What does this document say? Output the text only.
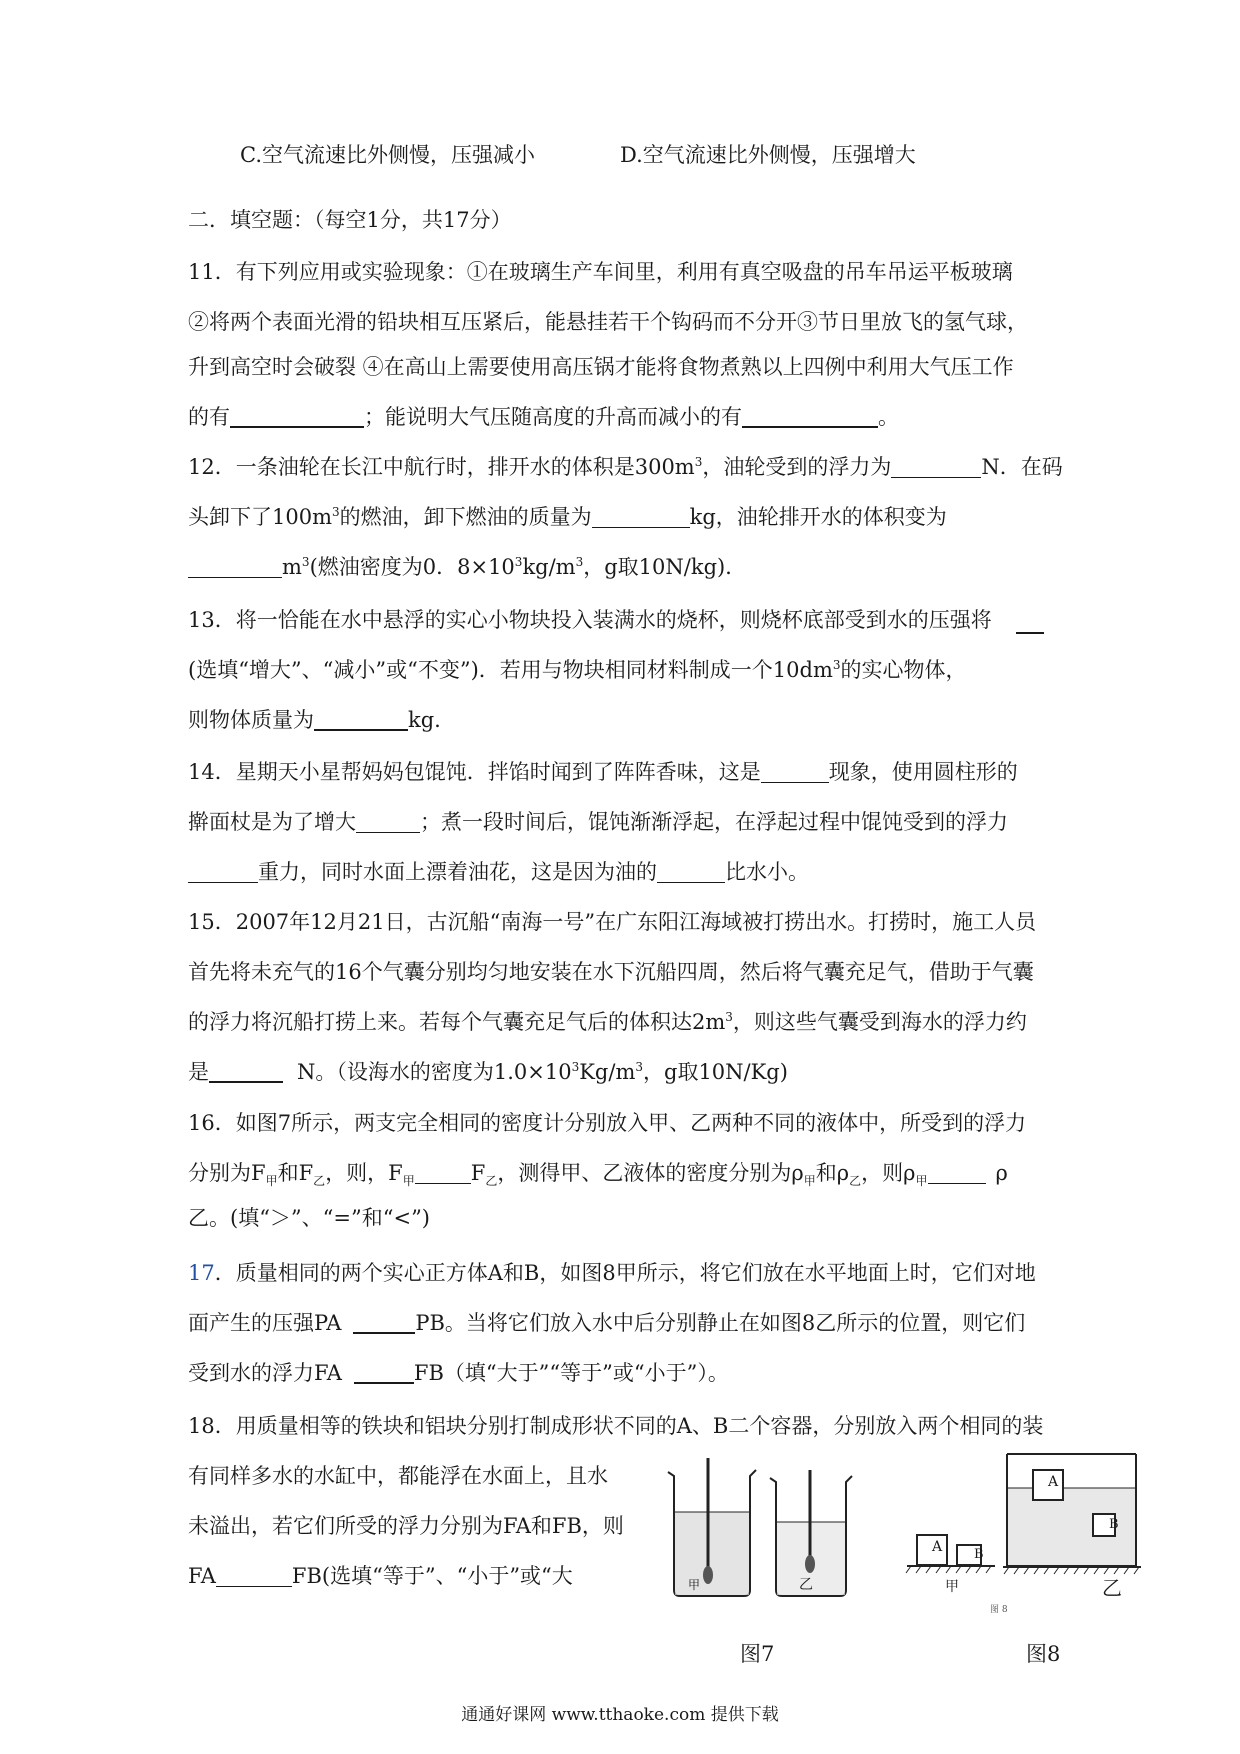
C.空气流速比外侧慢，压强减小	D.空气流速比外侧慢，压强增大
二．填空题：（每空1分，共17分）
11．有下列应用或实验现象：①在玻璃生产车间里，利用有真空吸盘的吊车吊运平板玻璃
②将两个表面光滑的铅块相互压紧后，能悬挂若干个钩码而不分开③节日里放飞的氢气球，
升到高空时会破裂 ④在高山上需要使用高压锅才能将食物煮熟以上四例中利用大气压工作
的有	；能说明大气压随高度的升高而减小的有	。
12．一条油轮在长江中航行时，排开水的体积是$300m^3$，油轮受到的浮力为	N．在码
头卸下了$100m^3$的燃油，卸下燃油的质量为	kg，油轮排开水的体积变为
$m^3$(燃油密度为0．$8\times 10^3kg/m^3$，g取10N/kg)．
13．将一恰能在水中悬浮的实心小物块投入装满水的烧杯，则烧杯底部受到水的压强将
(选填“增大”、“减小”或“不变”)．若用与物块相同材料制成一个$10dm^3$的实心物体，
则物体质量为	kg.
14．星期天小星帮妈妈包馄饨．拌馅时闻到了阵阵香味，这是	现象，使用圆柱形的
擀面杖是为了增大	；煮一段时间后，馄饨渐渐浮起，在浮起过程中馄饨受到的浮力
重力，同时水面上漂着油花，这是因为油的	比水小。
15．2007年12月21日，古沉船“南海一号”在广东阳江海域被打捞出水。打捞时，施工人员
首先将未充气的16个气囊分别均匀地安装在水下沉船四周，然后将气囊充足气，借助于气囊
的浮力将沉船打捞上来。若每个气囊充足气后的体积达$2m^3$，则这些气囊受到海水的浮力约
是	N。（设海水的密度为$1.0\times 10^3Kg/m^3$，g取10N/Kg)
16．如图7所示，两支完全相同的密度计分别放入甲、乙两种不同的液体中，所受到的浮力
分别为$F_甲$和$F_乙$，则，$F_甲$	$F_乙$，测得甲、乙液体的密度分别为$\rho_甲$和$\rho_乙$，则$\rho_甲$	ρ
乙。(填“＞”、“=”和“<”)
17．质量相同的两个实心正方体A和B，如图8甲所示，将它们放在水平地面上时，它们对地
面产生的压强PA	PB。当将它们放入水中后分别静止在如图8乙所示的位置，则它们
受到水的浮力FA	FB（填“大于”“等于”或“小于”）。
18．用质量相等的铁块和铝块分别打制成形状不同的A、B二个容器，分别放入两个相同的装
有同样多水的水缸中，都能浮在水面上，且水
未溢出，若它们所受的浮力分别为FA和FB，则
FA	FB(选填“等于”、“小于”或“大	甲	乙
图7
A B
A
B
甲	乙
图 8
图8
通通好课网 www.tthaoke.com 提供下载
